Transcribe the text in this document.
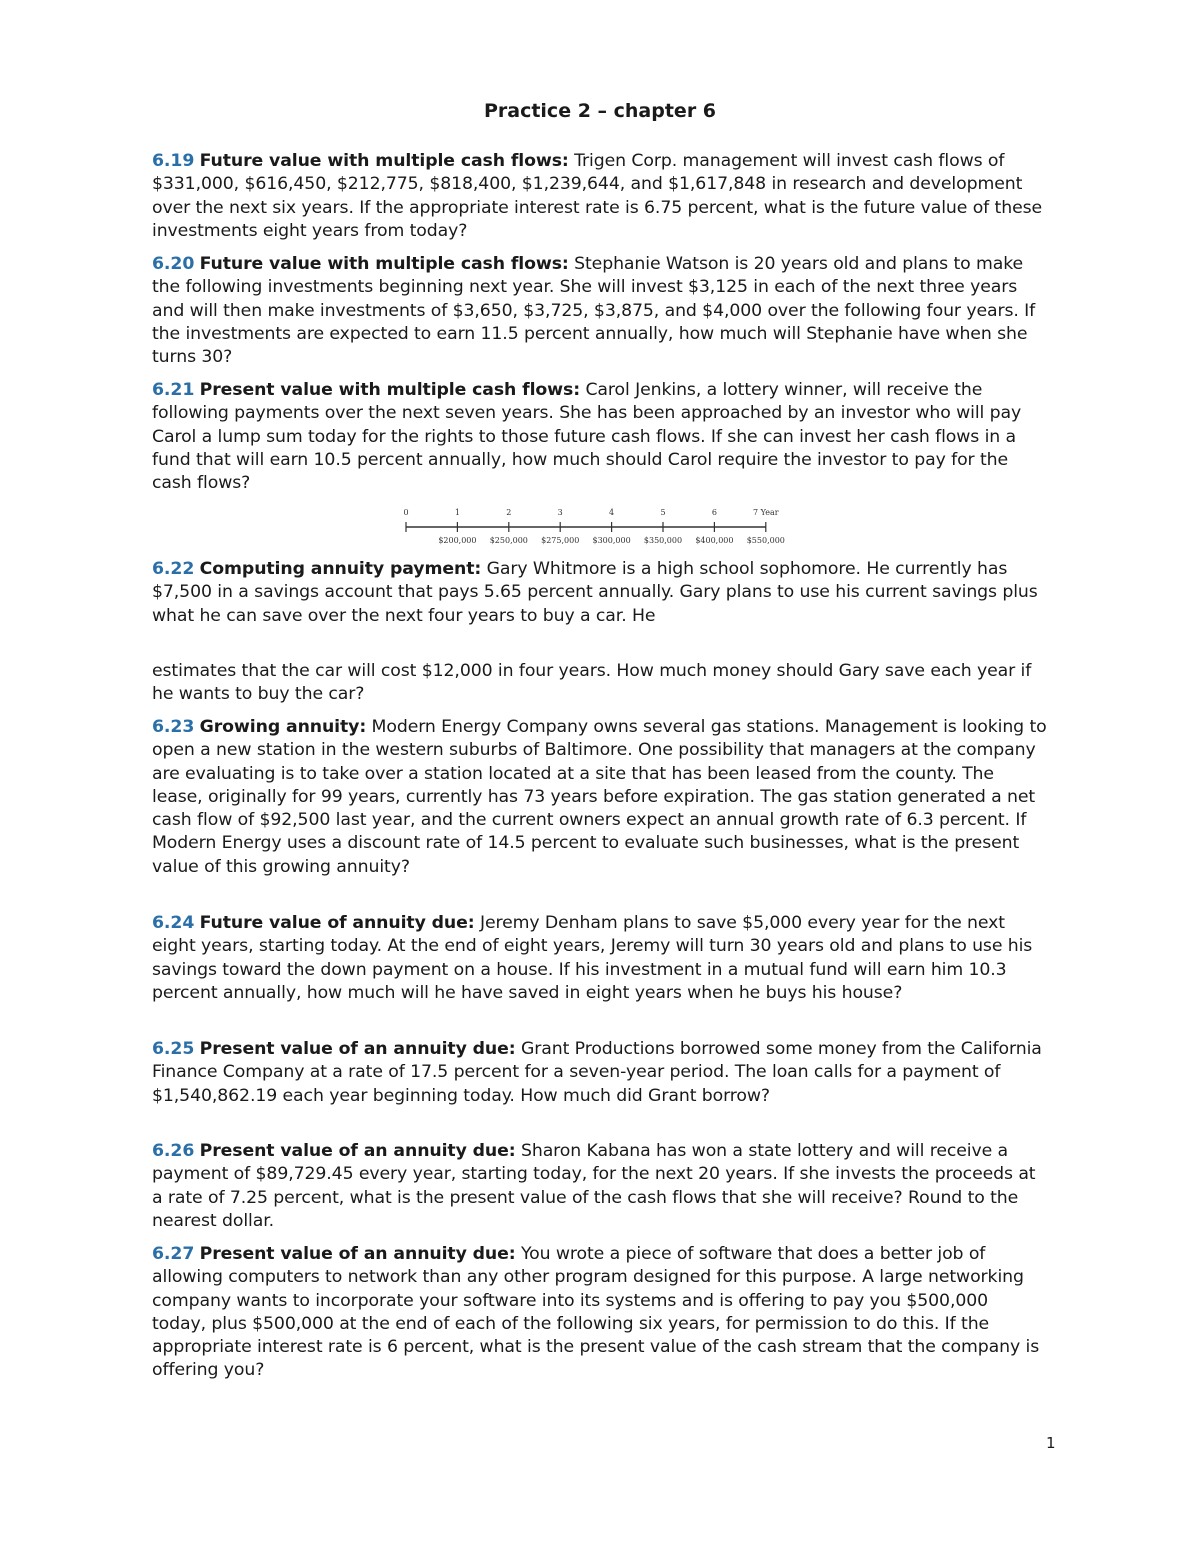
Practice 2 – chapter 6
6.19 Future value with multiple cash flows: Trigen Corp. management will invest cash flows of $331,000, $616,450, $212,775, $818,400, $1,239,644, and $1,617,848 in research and development over the next six years. If the appropriate interest rate is 6.75 percent, what is the future value of these investments eight years from today?
6.20 Future value with multiple cash flows: Stephanie Watson is 20 years old and plans to make the following investments beginning next year. She will invest $3,125 in each of the next three years and will then make investments of $3,650, $3,725, $3,875, and $4,000 over the following four years. If the investments are expected to earn 11.5 percent annually, how much will Stephanie have when she turns 30?
6.21 Present value with multiple cash flows: Carol Jenkins, a lottery winner, will receive the following payments over the next seven years. She has been approached by an investor who will pay Carol a lump sum today for the rights to those future cash flows. If she can invest her cash flows in a fund that will earn 10.5 percent annually, how much should Carol require the investor to pay for the cash flows?
0	1	2	3	4	5	6	7 Year
$200,000 $250,000 $275,000 $300,000 $350,000 $400,000 $550,000
6.22 Computing annuity payment: Gary Whitmore is a high school sophomore. He currently has $7,500 in a savings account that pays 5.65 percent annually. Gary plans to use his current savings plus what he can save over the next four years to buy a car. He
estimates that the car will cost $12,000 in four years. How much money should Gary save each year if he wants to buy the car?
6.23 Growing annuity: Modern Energy Company owns several gas stations. Management is looking to open a new station in the western suburbs of Baltimore. One possibility that managers at the company are evaluating is to take over a station located at a site that has been leased from the county. The lease, originally for 99 years, currently has 73 years before expiration. The gas station generated a net cash flow of $92,500 last year, and the current owners expect an annual growth rate of 6.3 percent. If Modern Energy uses a discount rate of 14.5 percent to evaluate such businesses, what is the present value of this growing annuity?
6.24 Future value of annuity due: Jeremy Denham plans to save $5,000 every year for the next eight years, starting today. At the end of eight years, Jeremy will turn 30 years old and plans to use his savings toward the down payment on a house. If his investment in a mutual fund will earn him 10.3 percent annually, how much will he have saved in eight years when he buys his house?
6.25 Present value of an annuity due: Grant Productions borrowed some money from the California Finance Company at a rate of 17.5 percent for a seven-year period. The loan calls for a payment of $1,540,862.19 each year beginning today. How much did Grant borrow?
6.26 Present value of an annuity due: Sharon Kabana has won a state lottery and will receive a payment of $89,729.45 every year, starting today, for the next 20 years. If she invests the proceeds at a rate of 7.25 percent, what is the present value of the cash flows that she will receive? Round to the nearest dollar.
6.27 Present value of an annuity due: You wrote a piece of software that does a better job of allowing computers to network than any other program designed for this purpose. A large networking company wants to incorporate your software into its systems and is offering to pay you $500,000 today, plus $500,000 at the end of each of the following six years, for permission to do this. If the appropriate interest rate is 6 percent, what is the present value of the cash stream that the company is offering you?
1
